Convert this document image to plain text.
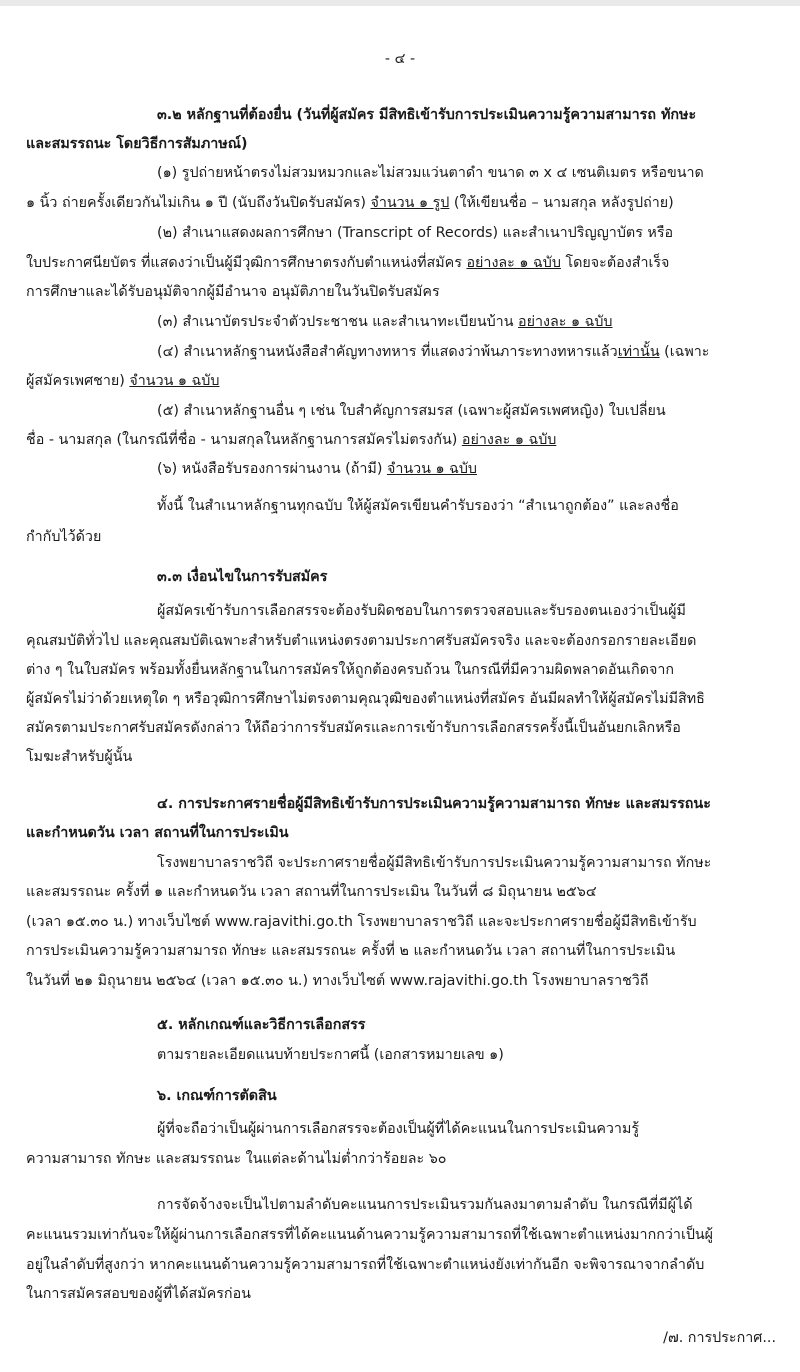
- ๔ -
๓.๒ หลักฐานที่ต้องยื่น (วันที่ผู้สมัคร มีสิทธิเข้ารับการประเมินความรู้ความสามารถ ทักษะ
และสมรรถนะ โดยวิธีการสัมภาษณ์)
(๑) รูปถ่ายหน้าตรงไม่สวมหมวกและไม่สวมแว่นตาดำ ขนาด ๓ x ๔ เซนติเมตร หรือขนาด
๑ นิ้ว ถ่ายครั้งเดียวกันไม่เกิน ๑ ปี (นับถึงวันปิดรับสมัคร) จำนวน ๑ รูป (ให้เขียนชื่อ – นามสกุล หลังรูปถ่าย)
(๒) สำเนาแสดงผลการศึกษา (Transcript of Records) และสำเนาปริญญาบัตร หรือ
ใบประกาศนียบัตร ที่แสดงว่าเป็นผู้มีวุฒิการศึกษาตรงกับตำแหน่งที่สมัคร อย่างละ ๑ ฉบับ โดยจะต้องสำเร็จ
การศึกษาและได้รับอนุมัติจากผู้มีอำนาจ อนุมัติภายในวันปิดรับสมัคร
(๓) สำเนาบัตรประจำตัวประชาชน และสำเนาทะเบียนบ้าน อย่างละ ๑ ฉบับ
(๔) สำเนาหลักฐานหนังสือสำคัญทางทหาร ที่แสดงว่าพ้นภาระทางทหารแล้วเท่านั้น (เฉพาะ
ผู้สมัครเพศชาย) จำนวน ๑ ฉบับ
(๕) สำเนาหลักฐานอื่น ๆ เช่น ใบสำคัญการสมรส (เฉพาะผู้สมัครเพศหญิง) ใบเปลี่ยน
ชื่อ - นามสกุล (ในกรณีที่ชื่อ - นามสกุลในหลักฐานการสมัครไม่ตรงกัน) อย่างละ ๑ ฉบับ
(๖) หนังสือรับรองการผ่านงาน (ถ้ามี) จำนวน ๑ ฉบับ
ทั้งนี้ ในสำเนาหลักฐานทุกฉบับ ให้ผู้สมัครเขียนคำรับรองว่า “สำเนาถูกต้อง” และลงชื่อ
กำกับไว้ด้วย
๓.๓ เงื่อนไขในการรับสมัคร
ผู้สมัครเข้ารับการเลือกสรรจะต้องรับผิดชอบในการตรวจสอบและรับรองตนเองว่าเป็นผู้มี
คุณสมบัติทั่วไป และคุณสมบัติเฉพาะสำหรับตำแหน่งตรงตามประกาศรับสมัครจริง และจะต้องกรอกรายละเอียด
ต่าง ๆ ในใบสมัคร พร้อมทั้งยื่นหลักฐานในการสมัครให้ถูกต้องครบถ้วน ในกรณีที่มีความผิดพลาดอันเกิดจาก
ผู้สมัครไม่ว่าด้วยเหตุใด ๆ หรือวุฒิการศึกษาไม่ตรงตามคุณวุฒิของตำแหน่งที่สมัคร อันมีผลทำให้ผู้สมัครไม่มีสิทธิ
สมัครตามประกาศรับสมัครดังกล่าว ให้ถือว่าการรับสมัครและการเข้ารับการเลือกสรรครั้งนี้เป็นอันยกเลิกหรือ
โมฆะสำหรับผู้นั้น
๔. การประกาศรายชื่อผู้มีสิทธิเข้ารับการประเมินความรู้ความสามารถ ทักษะ และสมรรถนะ
และกำหนดวัน เวลา สถานที่ในการประเมิน
โรงพยาบาลราชวิถี จะประกาศรายชื่อผู้มีสิทธิเข้ารับการประเมินความรู้ความสามารถ ทักษะ
และสมรรถนะ ครั้งที่ ๑ และกำหนดวัน เวลา สถานที่ในการประเมิน ในวันที่ ๘ มิถุนายน ๒๕๖๔
(เวลา ๑๕.๓๐ น.) ทางเว็บไซต์ www.rajavithi.go.th โรงพยาบาลราชวิถี และจะประกาศรายชื่อผู้มีสิทธิเข้ารับ
การประเมินความรู้ความสามารถ ทักษะ และสมรรถนะ ครั้งที่ ๒ และกำหนดวัน เวลา สถานที่ในการประเมิน
ในวันที่ ๒๑ มิถุนายน ๒๕๖๔ (เวลา ๑๕.๓๐ น.) ทางเว็บไซต์ www.rajavithi.go.th โรงพยาบาลราชวิถี
๕. หลักเกณฑ์และวิธีการเลือกสรร
ตามรายละเอียดแนบท้ายประกาศนี้ (เอกสารหมายเลข ๑)
๖. เกณฑ์การตัดสิน
ผู้ที่จะถือว่าเป็นผู้ผ่านการเลือกสรรจะต้องเป็นผู้ที่ได้คะแนนในการประเมินความรู้
ความสามารถ ทักษะ และสมรรถนะ ในแต่ละด้านไม่ต่ำกว่าร้อยละ ๖๐
การจัดจ้างจะเป็นไปตามลำดับคะแนนการประเมินรวมกันลงมาตามลำดับ ในกรณีที่มีผู้ได้
คะแนนรวมเท่ากันจะให้ผู้ผ่านการเลือกสรรที่ได้คะแนนด้านความรู้ความสามารถที่ใช้เฉพาะตำแหน่งมากกว่าเป็นผู้
อยู่ในลำดับที่สูงกว่า หากคะแนนด้านความรู้ความสามารถที่ใช้เฉพาะตำแหน่งยังเท่ากันอีก จะพิจารณาจากลำดับ
ในการสมัครสอบของผู้ที่ได้สมัครก่อน
/๗. การประกาศ...
